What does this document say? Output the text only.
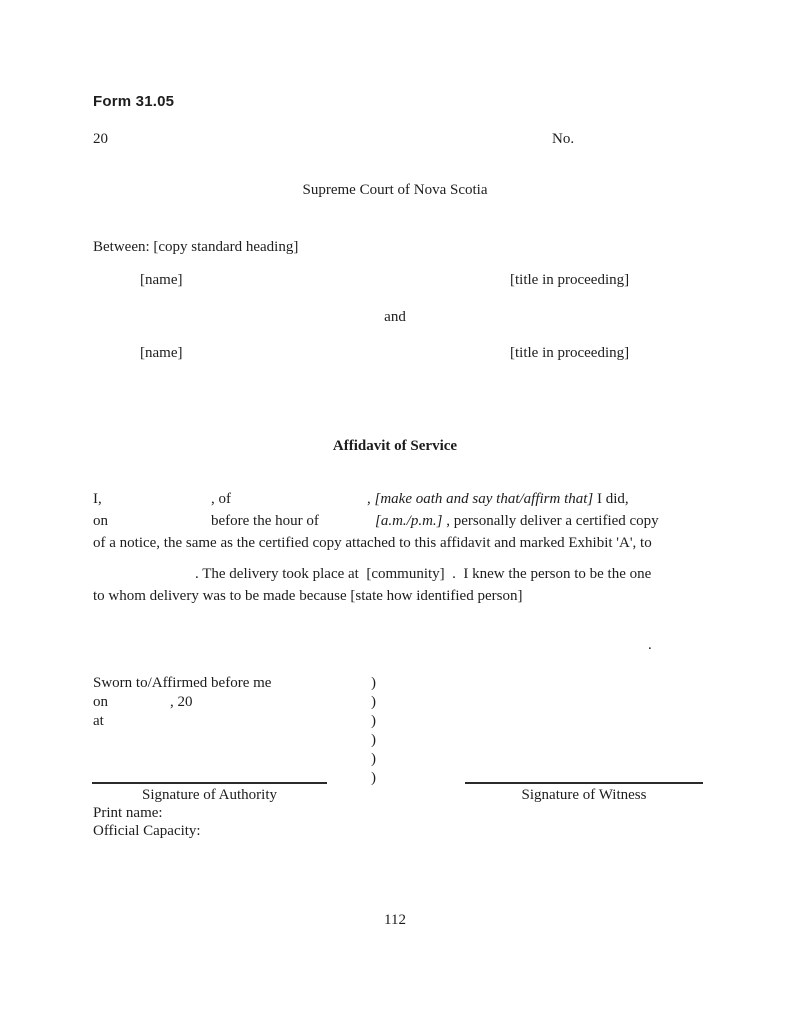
Form 31.05
20	No.
Supreme Court of Nova Scotia
Between: [copy standard heading]
[name]	[title in proceeding]
and
[name]	[title in proceeding]
Affidavit of Service
I,	, of	, [make oath and say that/affirm that] I did,
on	before the hour of	[a.m./p.m.] , personally deliver a certified copy
of a notice, the same as the certified copy attached to this affidavit and marked Exhibit 'A', to
. The delivery took place at  [community]  .  I knew the person to be the one
to whom delivery was to be made because [state how identified person]
.
Sworn to/Affirmed before me
on	, 20
at
)
)
)
)
)
)
Signature of Authority	Signature of Witness
Print name:
Official Capacity:
112
